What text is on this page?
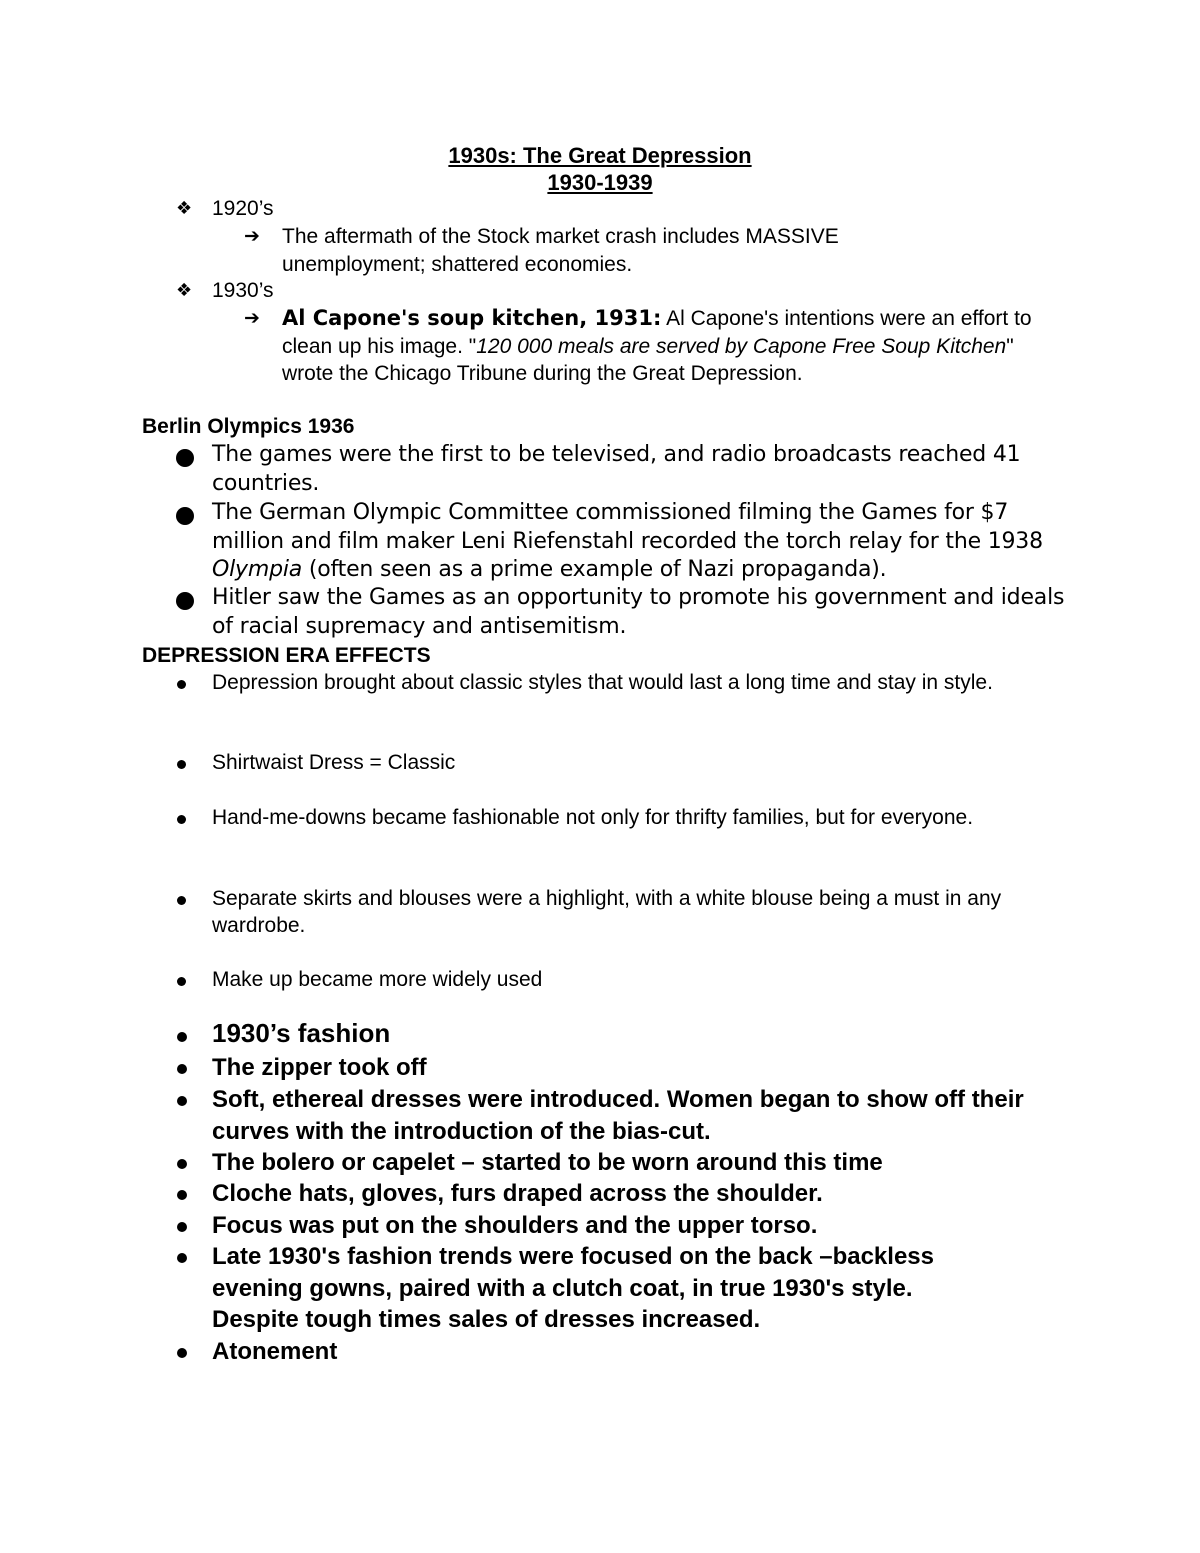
1930s: The Great Depression
1930-1939
❖ 1920’s
➔ The aftermath of the Stock market crash includes MASSIVE unemployment; shattered economies.
❖ 1930’s
➔ Al Capone's soup kitchen, 1931: Al Capone's intentions were an effort to clean up his image. "120 000 meals are served by Capone Free Soup Kitchen" wrote the Chicago Tribune during the Great Depression.
Berlin Olympics 1936
The games were the first to be televised, and radio broadcasts reached 41 countries.
The German Olympic Committee commissioned filming the Games for $7 million and film maker Leni Riefenstahl recorded the torch relay for the 1938 Olympia (often seen as a prime example of Nazi propaganda).
Hitler saw the Games as an opportunity to promote his government and ideals of racial supremacy and antisemitism.
DEPRESSION ERA EFFECTS
Depression brought about classic styles that would last a long time and stay in style.
Shirtwaist Dress = Classic
Hand-me-downs became fashionable not only for thrifty families, but for everyone.
Separate skirts and blouses were a highlight, with a white blouse being a must in any wardrobe.
Make up became more widely used
1930’s fashion
The zipper took off
Soft, ethereal dresses were introduced. Women began to show off their curves with the introduction of the bias-cut.
The bolero or capelet – started to be worn around this time
Cloche hats, gloves, furs draped across the shoulder.
Focus was put on the shoulders and the upper torso.
Late 1930's fashion trends were focused on the back –backless evening gowns, paired with a clutch coat, in true 1930's style. Despite tough times sales of dresses increased.
Atonement
